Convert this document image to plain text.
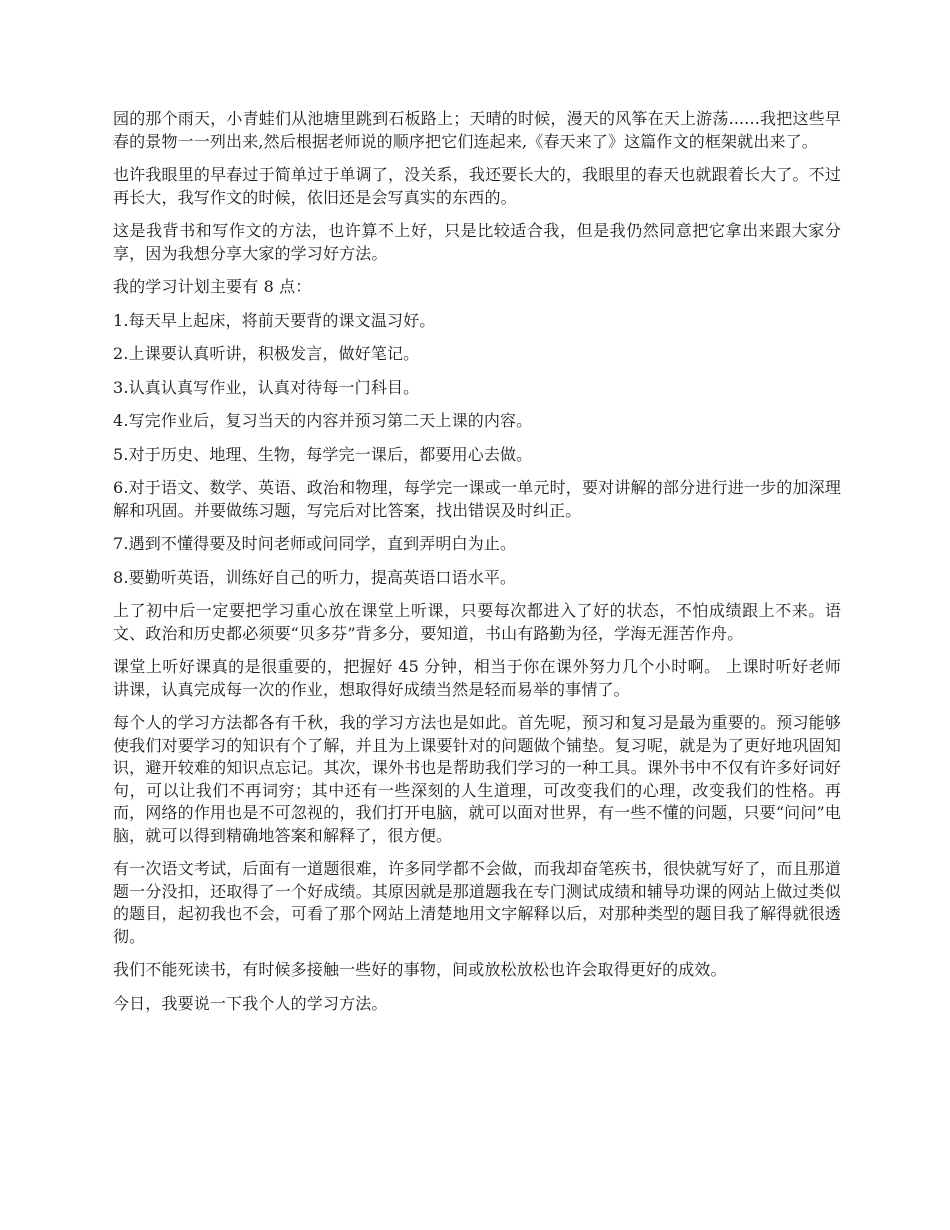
园的那个雨天，小青蛙们从池塘里跳到石板路上；天晴的时候，漫天的风筝在天上游荡......我把这些早春的景物一一列出来,然后根据老师说的顺序把它们连起来,《春天来了》这篇作文的框架就出来了。

也许我眼里的早春过于简单过于单调了，没关系，我还要长大的，我眼里的春天也就跟着长大了。不过再长大，我写作文的时候，依旧还是会写真实的东西的。

这是我背书和写作文的方法，也许算不上好，只是比较适合我，但是我仍然同意把它拿出来跟大家分享，因为我想分享大家的学习好方法。

我的学习计划主要有 8 点：

1.每天早上起床，将前天要背的课文温习好。

2.上课要认真听讲，积极发言，做好笔记。

3.认真认真写作业，认真对待每一门科目。

4.写完作业后，复习当天的内容并预习第二天上课的内容。

5.对于历史、地理、生物，每学完一课后，都要用心去做。

6.对于语文、数学、英语、政治和物理，每学完一课或一单元时，要对讲解的部分进行进一步的加深理解和巩固。并要做练习题，写完后对比答案，找出错误及时纠正。

7.遇到不懂得要及时问老师或问同学，直到弄明白为止。

8.要勤听英语，训练好自己的听力，提高英语口语水平。

上了初中后一定要把学习重心放在课堂上听课，只要每次都进入了好的状态，不怕成绩跟上不来。语文、政治和历史都必须要“贝多芬”背多分，要知道，书山有路勤为径，学海无涯苦作舟。

课堂上听好课真的是很重要的，把握好 45 分钟，相当于你在课外努力几个小时啊。 上课时听好老师讲课，认真完成每一次的作业，想取得好成绩当然是轻而易举的事情了。

每个人的学习方法都各有千秋，我的学习方法也是如此。首先呢，预习和复习是最为重要的。预习能够使我们对要学习的知识有个了解，并且为上课要针对的问题做个铺垫。复习呢，就是为了更好地巩固知识，避开较难的知识点忘记。其次，课外书也是帮助我们学习的一种工具。课外书中不仅有许多好词好句，可以让我们不再词穷；其中还有一些深刻的人生道理，可改变我们的心理，改变我们的性格。再而，网络的作用也是不可忽视的，我们打开电脑，就可以面对世界，有一些不懂的问题，只要“问问”电脑，就可以得到精确地答案和解释了，很方便。

有一次语文考试，后面有一道题很难，许多同学都不会做，而我却奋笔疾书，很快就写好了，而且那道题一分没扣，还取得了一个好成绩。其原因就是那道题我在专门测试成绩和辅导功课的网站上做过类似的题目，起初我也不会，可看了那个网站上清楚地用文字解释以后，对那种类型的题目我了解得就很透彻。

我们不能死读书，有时候多接触一些好的事物，间或放松放松也许会取得更好的成效。

今日，我要说一下我个人的学习方法。
